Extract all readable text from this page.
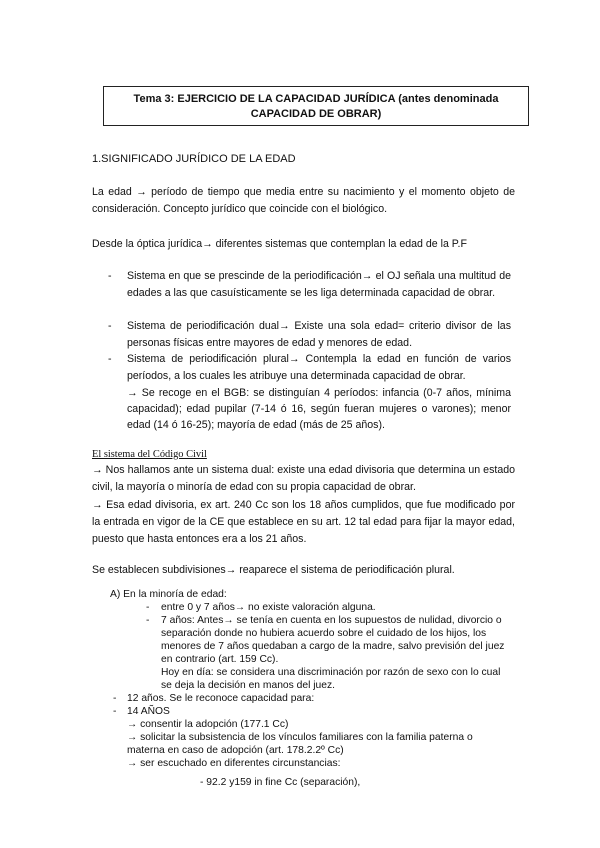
Tema 3: EJERCICIO DE LA CAPACIDAD JURÍDICA (antes denominada
CAPACIDAD DE OBRAR)
1.SIGNIFICADO JURÍDICO DE LA EDAD
La edad → período de tiempo que media entre su nacimiento y el momento objeto de consideración. Concepto jurídico que coincide con el biológico.
Desde la óptica jurídica→ diferentes sistemas que contemplan la edad de la P.F
- Sistema en que se prescinde de la periodificación→ el OJ señala una multitud de edades a las que casuísticamente se les liga determinada capacidad de obrar.
- Sistema de periodificación dual→ Existe una sola edad= criterio divisor de las personas físicas entre mayores de edad y menores de edad.
- Sistema de periodificación plural→ Contempla la edad en función de varios períodos, a los cuales les atribuye una determinada capacidad de obrar.
→ Se recoge en el BGB: se distinguían 4 períodos: infancia (0-7 años, mínima capacidad); edad pupilar (7-14 ó 16, según fueran mujeres o varones); menor edad (14 ó 16-25); mayoría de edad (más de 25 años).
El sistema del Código Civil
→ Nos hallamos ante un sistema dual: existe una edad divisoria que determina un estado civil, la mayoría o minoría de edad con su propia capacidad de obrar.
→ Esa edad divisoria, ex art. 240 Cc son los 18 años cumplidos, que fue modificado por la entrada en vigor de la CE que establece en su art. 12 tal edad para fijar la mayor edad, puesto que hasta entonces era a los 21 años.
Se establecen subdivisiones→ reaparece el sistema de periodificación plural.
A) En la minoría de edad:
- entre 0 y 7 años→ no existe valoración alguna.
- 7 años: Antes→ se tenía en cuenta en los supuestos de nulidad, divorcio o separación donde no hubiera acuerdo sobre el cuidado de los hijos, los menores de 7 años quedaban a cargo de la madre, salvo previsión del juez en contrario (art. 159 Cc).
Hoy en día: se considera una discriminación por razón de sexo con lo cual se deja la decisión en manos del juez.
- 12 años. Se le reconoce capacidad para:
- 14 AÑOS
→ consentir la adopción (177.1 Cc)
→ solicitar la subsistencia de los vínculos familiares con la familia paterna o materna en caso de adopción (art. 178.2.2º Cc)
→ ser escuchado en diferentes circunstancias:
- 92.2 y159 in fine Cc (separación),
